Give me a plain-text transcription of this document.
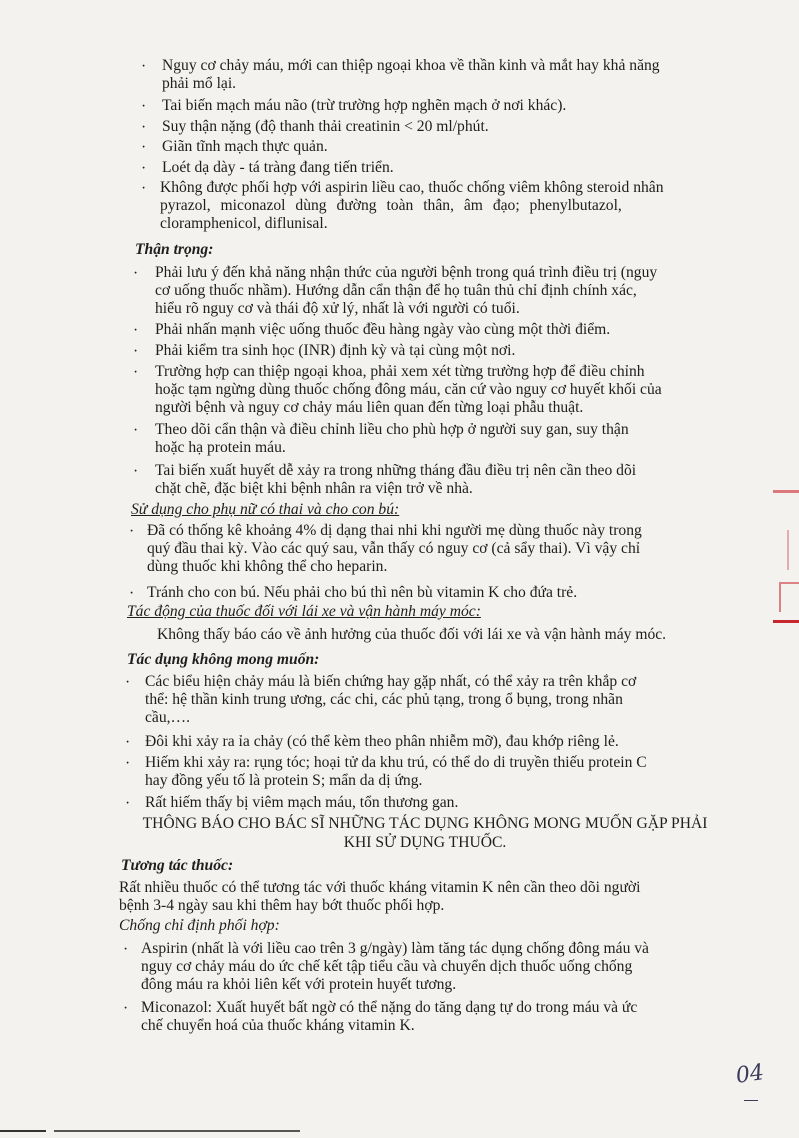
· Nguy cơ chảy máu, mới can thiệp ngoại khoa về thần kinh và mắt hay khả năng
phải mổ lại.
· Tai biến mạch máu não (trừ trường hợp nghẽn mạch ở nơi khác).
· Suy thận nặng (độ thanh thải creatinin < 20 ml/phút.
· Giãn tĩnh mạch thực quản.
· Loét dạ dày - tá tràng đang tiến triển.
· Không được phối hợp với aspirin liều cao, thuốc chống viêm không steroid nhân
pyrazol, miconazol dùng đường toàn thân, âm đạo; phenylbutazol,
cloramphenicol, diflunisal.
Thận trọng:
· Phải lưu ý đến khả năng nhận thức của người bệnh trong quá trình điều trị (nguy
cơ uống thuốc nhầm). Hướng dẫn cẩn thận để họ tuân thủ chỉ định chính xác,
hiểu rõ nguy cơ và thái độ xử lý, nhất là với người có tuổi.
· Phải nhấn mạnh việc uống thuốc đều hàng ngày vào cùng một thời điểm.
· Phải kiểm tra sinh học (INR) định kỳ và tại cùng một nơi.
· Trường hợp can thiệp ngoại khoa, phải xem xét từng trường hợp để điều chỉnh
hoặc tạm ngừng dùng thuốc chống đông máu, căn cứ vào nguy cơ huyết khối của
người bệnh và nguy cơ chảy máu liên quan đến từng loại phẫu thuật.
· Theo dõi cẩn thận và điều chỉnh liều cho phù hợp ở người suy gan, suy thận
hoặc hạ protein máu.
· Tai biến xuất huyết dễ xảy ra trong những tháng đầu điều trị nên cần theo dõi
chặt chẽ, đặc biệt khi bệnh nhân ra viện trở về nhà.
Sử dụng cho phụ nữ có thai và cho con bú:
· Đã có thống kê khoảng 4% dị dạng thai nhi khi người mẹ dùng thuốc này trong
quý đầu thai kỳ. Vào các quý sau, vẫn thấy có nguy cơ (cả sẩy thai). Vì vậy chỉ
dùng thuốc khi không thể cho heparin.
· Tránh cho con bú. Nếu phải cho bú thì nên bù vitamin K cho đứa trẻ.
Tác động của thuốc đối với lái xe và vận hành máy móc:
Không thấy báo cáo về ảnh hưởng của thuốc đối với lái xe và vận hành máy móc.
Tác dụng không mong muốn:
· Các biểu hiện chảy máu là biến chứng hay gặp nhất, có thể xảy ra trên khắp cơ
thể: hệ thần kinh trung ương, các chi, các phủ tạng, trong ổ bụng, trong nhãn
cầu,….
· Đôi khi xảy ra ỉa chảy (có thể kèm theo phân nhiễm mỡ), đau khớp riêng lẻ.
· Hiếm khi xảy ra: rụng tóc; hoại tử da khu trú, có thể do di truyền thiếu protein C
hay đồng yếu tố là protein S; mẩn da dị ứng.
· Rất hiếm thấy bị viêm mạch máu, tổn thương gan.
THÔNG BÁO CHO BÁC SĨ NHỮNG TÁC DỤNG KHÔNG MONG MUỐN GẶP PHẢI
KHI SỬ DỤNG THUỐC.
Tương tác thuốc:
Rất nhiều thuốc có thể tương tác với thuốc kháng vitamin K nên cần theo dõi người
bệnh 3-4 ngày sau khi thêm hay bớt thuốc phối hợp.
Chống chỉ định phối hợp:
· Aspirin (nhất là với liều cao trên 3 g/ngày) làm tăng tác dụng chống đông máu và
nguy cơ chảy máu do ức chế kết tập tiểu cầu và chuyển dịch thuốc uống chống
đông máu ra khỏi liên kết với protein huyết tương.
· Miconazol: Xuất huyết bất ngờ có thể nặng do tăng dạng tự do trong máu và ức
chế chuyển hoá của thuốc kháng vitamin K.
04
